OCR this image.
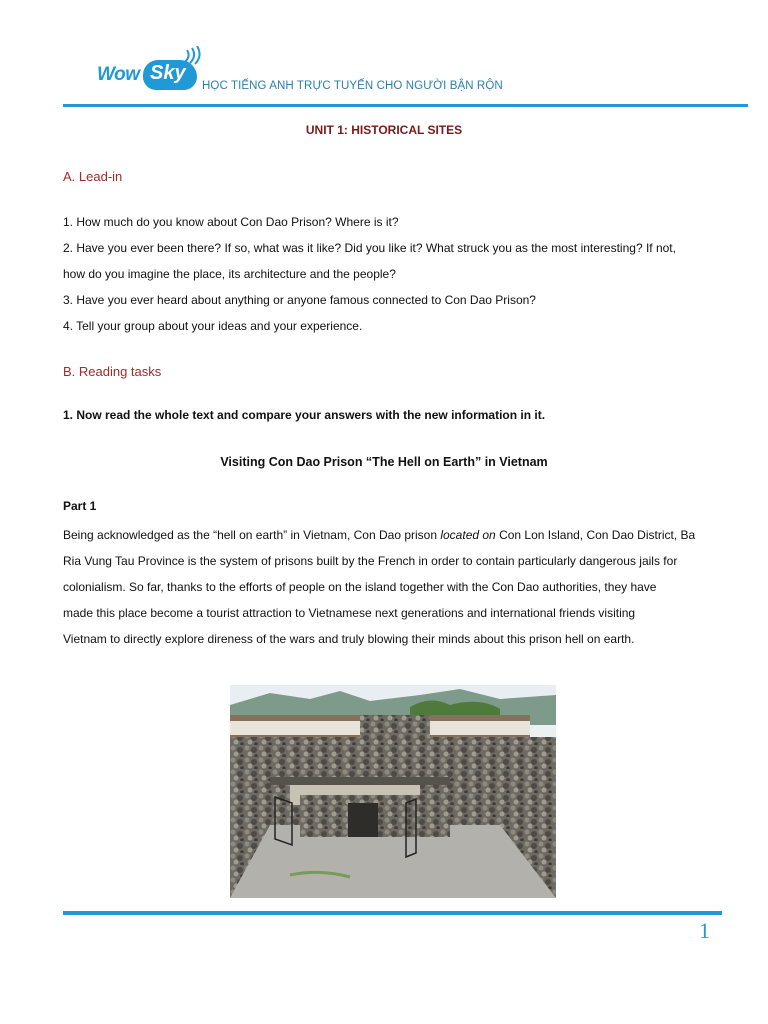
Wow Sky
HỌC TIẾNG ANH TRỰC TUYẾN CHO NGƯỜI BẬN RỘN
UNIT 1: HISTORICAL SITES
A. Lead-in

1. How much do you know about Con Dao Prison? Where is it?

2. Have you ever been there? If so, what was it like? Did you like it? What struck you as the most interesting? If not,

how do you imagine the place, its architecture and the people?

3. Have you ever heard about anything or anyone famous connected to Con Dao Prison?

4. Tell your group about your ideas and your experience.

B. Reading tasks
1. Now read the whole text and compare your answers with the new information in it.
Visiting Con Dao Prison “The Hell on Earth” in Vietnam
Part 1

Being acknowledged as the “hell on earth” in Vietnam, Con Dao prison located on Con Lon Island, Con Dao District, Ba

Ria Vung Tau Province is the system of prisons built by the French in order to contain particularly dangerous jails for

colonialism. So far, thanks to the efforts of people on the island together with the Con Dao authorities, they have

made this place become a tourist attraction to Vietnamese next generations and international friends visiting

Vietnam to directly explore direness of the wars and truly blowing their minds about this prison hell on earth.

1
